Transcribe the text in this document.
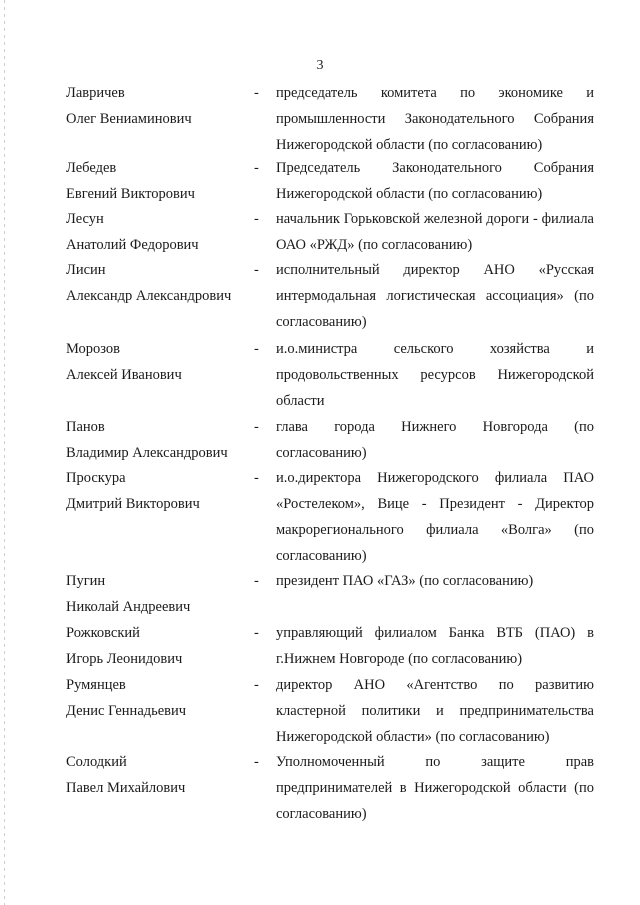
3
Лавричев
Олег Вениаминович
- председатель комитета по экономике и промышленности Законодательного Собрания Нижегородской области (по согласованию)
Лебедев
Евгений Викторович
- Председатель Законодательного Собрания Нижегородской области (по согласованию)
Лесун
Анатолий Федорович
- начальник Горьковской железной дороги - филиала ОАО «РЖД» (по согласованию)
Лисин
Александр Александрович
- исполнительный директор АНО «Русская интермодальная логистическая ассоциация» (по согласованию)
Морозов
Алексей Иванович
- и.о.министра сельского хозяйства и продовольственных ресурсов Нижегородской области
Панов
Владимир Александрович
- глава города Нижнего Новгорода (по согласованию)
Проскура
Дмитрий Викторович
- и.о.директора Нижегородского филиала ПАО «Ростелеком», Вице - Президент - Директор макрорегионального филиала «Волга» (по согласованию)
Пугин
Николай Андреевич
- президент ПАО «ГАЗ» (по согласованию)
Рожковский
Игорь Леонидович
- управляющий филиалом Банка ВТБ (ПАО) в г.Нижнем Новгороде (по согласованию)
Румянцев
Денис Геннадьевич
- директор АНО «Агентство по развитию кластерной политики и предпринимательства Нижегородской области» (по согласованию)
Солодкий
Павел Михайлович
- Уполномоченный по защите прав предпринимателей в Нижегородской области (по согласованию)
